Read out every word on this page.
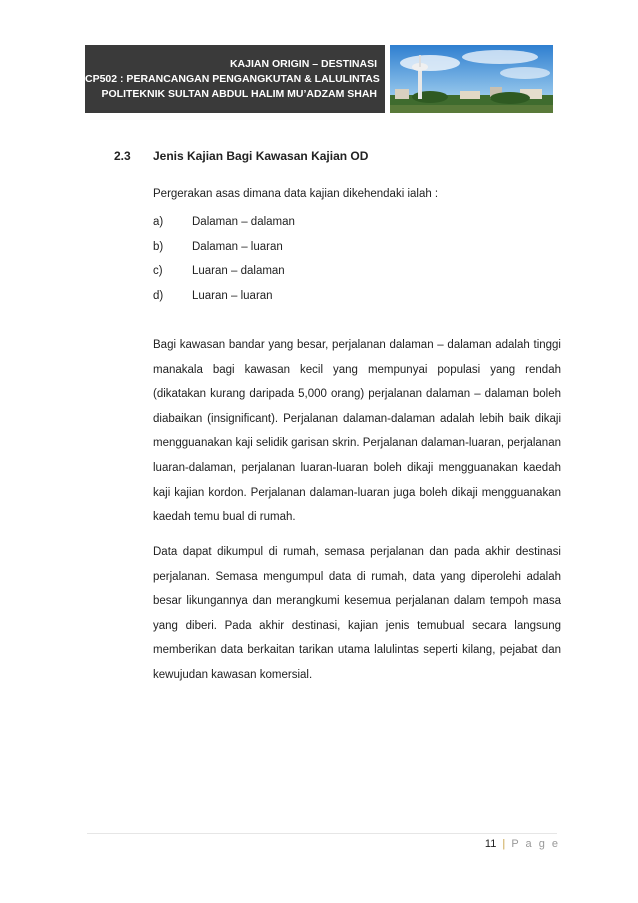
KAJIAN ORIGIN – DESTINASI
CP502 : PERANCANGAN PENGANGKUTAN & LALULINTAS
POLITEKNIK SULTAN ABDUL HALIM MU’ADZAM SHAH
2.3 Jenis Kajian Bagi Kawasan Kajian OD
Pergerakan asas dimana data kajian dikehendaki ialah :
a)	Dalaman – dalaman
b)	Dalaman – luaran
c)	Luaran – dalaman
d)	Luaran – luaran

Bagi kawasan bandar yang besar, perjalanan dalaman – dalaman adalah tinggi manakala bagi kawasan kecil yang mempunyai populasi yang rendah (dikatakan kurang daripada 5,000 orang) perjalanan dalaman – dalaman boleh diabaikan (insignificant). Perjalanan dalaman-dalaman adalah lebih baik dikaji mengguanakan kaji selidik garisan skrin. Perjalanan dalaman-luaran, perjalanan luaran-dalaman, perjalanan luaran-luaran boleh dikaji mengguanakan kaedah kaji kajian kordon. Perjalanan dalaman-luaran juga boleh dikaji mengguanakan kaedah temu bual di rumah.

Data dapat dikumpul di rumah, semasa perjalanan dan pada akhir destinasi perjalanan. Semasa mengumpul data di rumah, data yang diperolehi adalah besar likungannya dan merangkumi kesemua perjalanan dalam tempoh masa yang diberi. Pada akhir destinasi, kajian jenis temubual secara langsung memberikan data berkaitan tarikan utama lalulintas seperti kilang, pejabat dan kewujudan kawasan komersial.

11 | P a g e
